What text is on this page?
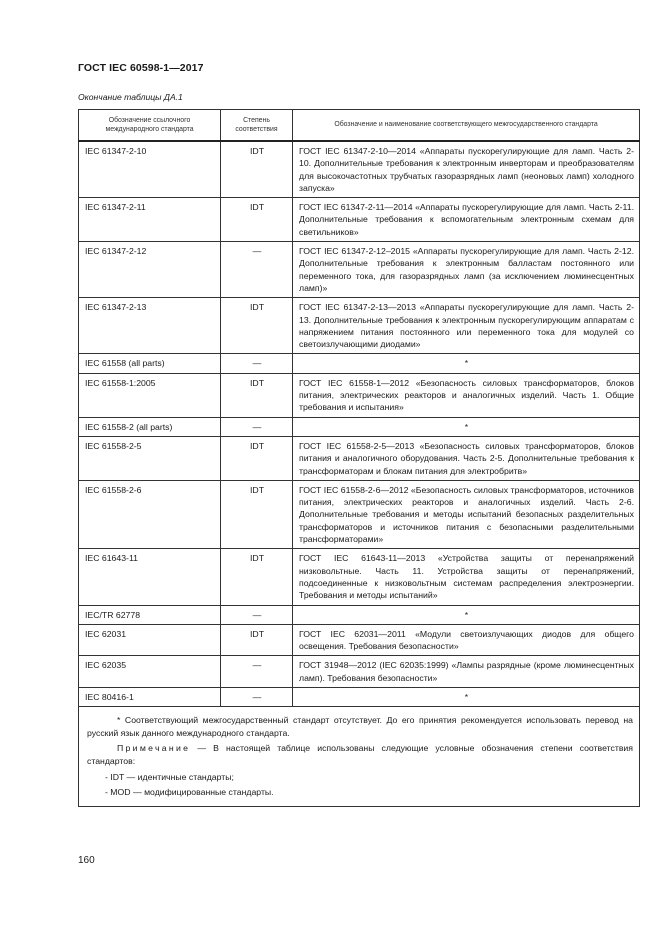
ГОСТ IEC 60598-1—2017
Окончание таблицы ДА.1
Обозначение ссылочного международного стандарта	Степень соответствия	Обозначение и наименование соответствующего межгосударственного стандарта
IEC 61347-2-10	IDT	ГОСТ IEC 61347-2-10—2014 «Аппараты пускорегулирующие для ламп. Часть 2-10. Дополнительные требования к электронным инверторам и преобразователям для высокочастотных трубчатых газоразрядных ламп (неоновых ламп) холодного запуска»
IEC 61347-2-11	IDT	ГОСТ IEC 61347-2-11—2014 «Аппараты пускорегулирующие для ламп. Часть 2-11. Дополнительные требования к вспомогательным электронным схемам для светильников»
IEC 61347-2-12	—	ГОСТ IEC 61347-2-12–2015 «Аппараты пускорегулирующие для ламп. Часть 2-12. Дополнительные требования к электронным балластам постоянного или переменного тока, для газоразрядных ламп (за исключением люминесцентных ламп)»
IEC 61347-2-13	IDT	ГОСТ IEC 61347-2-13—2013 «Аппараты пускорегулирующие для ламп. Часть 2-13. Дополнительные требования к электронным пускорегулирующим аппаратам с напряжением питания постоянного или переменного тока для модулей со светоизлучающими диодами»
IEC 61558 (all parts)	—	*
IEC 61558-1:2005	IDT	ГОСТ IEC 61558-1—2012 «Безопасность силовых трансформаторов, блоков питания, электрических реакторов и аналогичных изделий. Часть 1. Общие требования и испытания»
IEC 61558-2 (all parts)	—	*
IEC 61558-2-5	IDT	ГОСТ IEC 61558-2-5—2013 «Безопасность силовых трансформаторов, блоков питания и аналогичного оборудования. Часть 2-5. Дополнительные требования к трансформаторам и блокам питания для электробритв»
IEC 61558-2-6	IDT	ГОСТ IEC 61558-2-6—2012 «Безопасность силовых трансформаторов, источников питания, электрических реакторов и аналогичных изделий. Часть 2-6. Дополнительные требования и методы испытаний безопасных разделительных трансформаторов и источников питания с безопасными разделительными трансформаторами»
IEC 61643-11	IDT	ГОСТ IEC 61643-11—2013 «Устройства защиты от перенапряжений низковольтные. Часть 11. Устройства защиты от перенапряжений, подсоединенные к низковольтным системам распределения электроэнергии. Требования и методы испытаний»
IEC/TR 62778	—	*
IEC 62031	IDT	ГОСТ IEC 62031—2011 «Модули светоизлучающих диодов для общего освещения. Требования безопасности»
IEC 62035	—	ГОСТ 31948—2012 (IEC 62035:1999) «Лампы разрядные (кроме люминесцентных ламп). Требования безопасности»
IEC 80416-1	—	*

* Соответствующий межгосударственный стандарт отсутствует. До его принятия рекомендуется использовать перевод на русский язык данного международного стандарта.
Примечание — В настоящей таблице использованы следующие условные обозначения степени соответствия стандартов:
- IDT — идентичные стандарты;
- MOD — модифицированные стандарты.		
160
